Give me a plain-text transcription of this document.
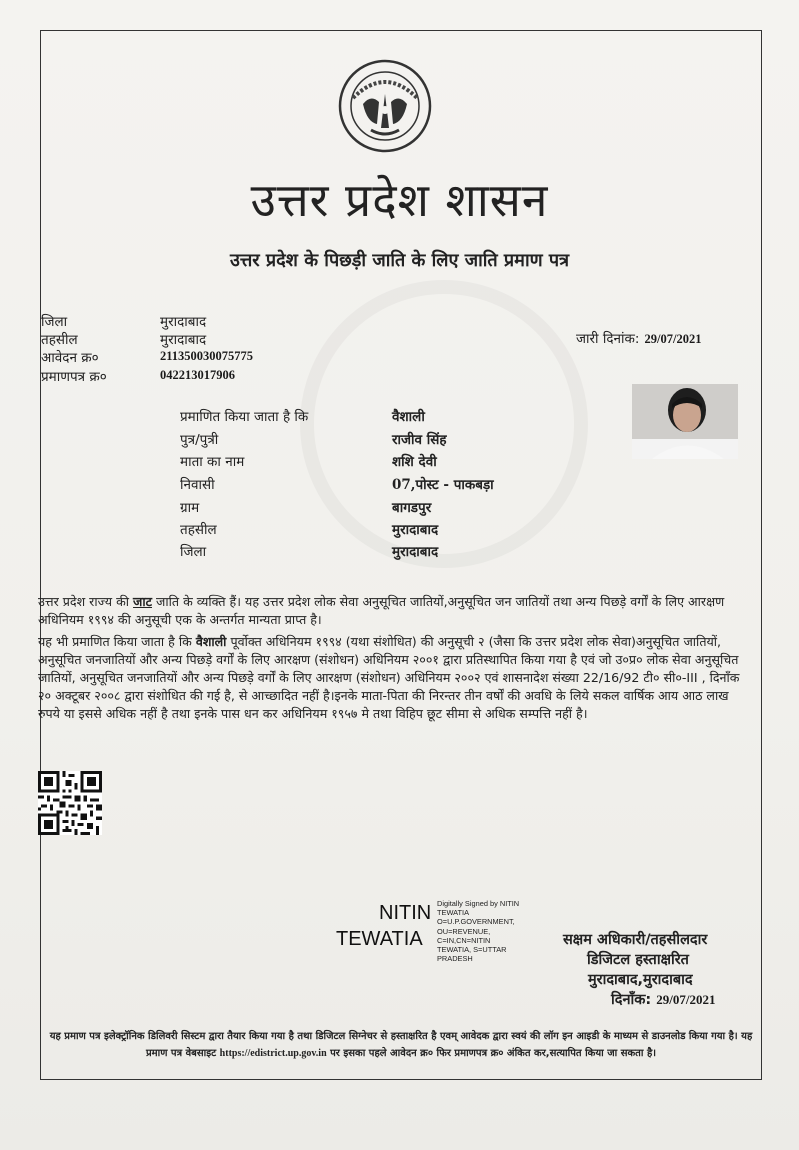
उत्तर प्रदेश शासन
उत्तर प्रदेश के पिछड़ी जाति के लिए जाति प्रमाण पत्र
जिला	मुरादाबाद
तहसील	मुरादाबाद
आवेदन क्र०	211350030075775
प्रमाणपत्र क्र०	042213017906
जारी दिनांक: 29/07/2021
प्रमाणित किया जाता है कि	वैशाली
पुत्र/पुत्री	राजीव सिंह
माता का नाम	शशि देवी
निवासी	07,पोस्ट - पाकबड़ा
ग्राम	बागडपुर
तहसील	मुरादाबाद
जिला	मुरादाबाद
उत्तर प्रदेश राज्य की जाट जाति के व्यक्ति हैं। यह उत्तर प्रदेश लोक सेवा अनुसूचित जातियों,अनुसूचित जन जातियों तथा अन्य पिछड़े वर्गों के लिए आरक्षण अधिनियम १९९४ की अनुसूची एक के अन्तर्गत मान्यता प्राप्त है।
यह भी प्रमाणित किया जाता है कि वैशाली पूर्वोक्त अधिनियम १९९४ (यथा संशोधित) की अनुसूची २ (जैसा कि उत्तर प्रदेश लोक सेवा)अनुसूचित जातियों, अनुसूचित जनजातियों और अन्य पिछड़े वर्गों के लिए आरक्षण (संशोधन) अधिनियम २००१ द्वारा प्रतिस्थापित किया गया है एवं जो उ०प्र० लोक सेवा अनुसूचित जातियों, अनुसूचित जनजातियों और अन्य पिछड़े वर्गों के लिए आरक्षण (संशोधन) अधिनियम २००२ एवं शासनादेश संख्या 22/16/92 टी० सी०-III , दिनाँक २० अक्टूबर २००८ द्वारा संशोधित की गई है, से आच्छादित नहीं है।इनके माता-पिता की निरन्तर तीन वर्षों की अवधि के लिये सकल वार्षिक आय आठ लाख रुपये या इससे अधिक नहीं है तथा इनके पास धन कर अधिनियम १९५७ मे तथा विहिप छूट सीमा से अधिक सम्पत्ति नहीं है।
NITIN
TEWATIA
Digitally Signed by NITIN
TEWATIA
O=U.P.GOVERNMENT,
OU=REVENUE,
C=IN,CN=NITIN
TEWATIA, S=UTTAR
PRADESH
सक्षम अधिकारी/तहसीलदार
डिजिटल हस्ताक्षरित
मुरादाबाद,मुरादाबाद
दिनाँक: 29/07/2021
यह प्रमाण पत्र इलेक्ट्रॉनिक डिलिवरी सिस्टम द्वारा तैयार किया गया है तथा डिजिटल सिग्नेचर से हस्ताक्षरित है एवम् आवेदक द्वारा स्वयं की लॉग इन आइडी के माध्यम से डाउनलोड किया गया है। यह प्रमाण पत्र वेबसाइट https://edistrict.up.gov.in पर इसका पहले आवेदन क्र० फिर प्रमाणपत्र क्र० अंकित कर,सत्यापित किया जा सकता है।
